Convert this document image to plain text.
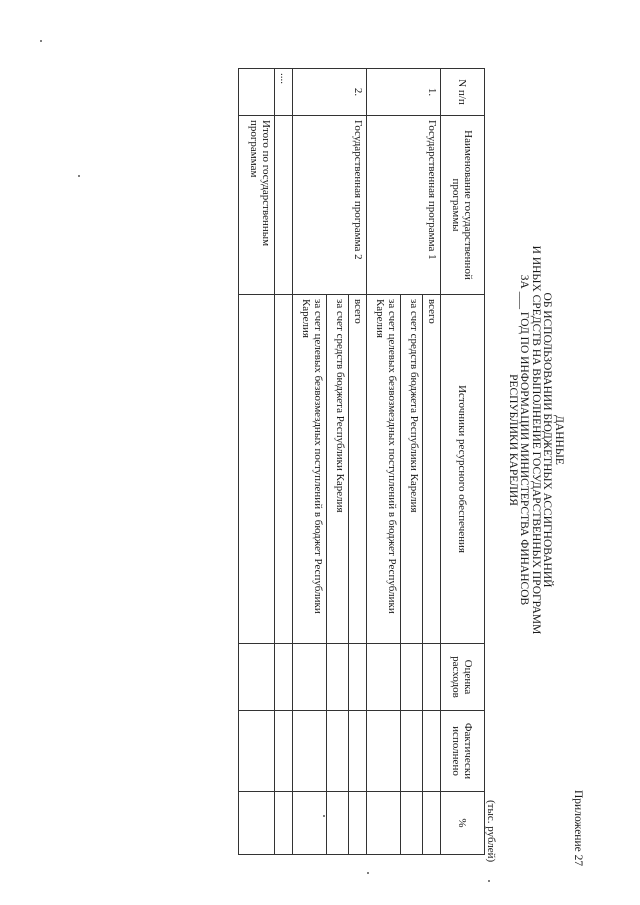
Приложение 27
ДАННЫЕ
ОБ ИСПОЛЬЗОВАНИИ БЮДЖЕТНЫХ АССИГНОВАНИЙ
И ИНЫХ СРЕДСТВ НА ВЫПОЛНЕНИЕ ГОСУДАРСТВЕННЫХ ПРОГРАММ
ЗА ___ ГОД ПО ИНФОРМАЦИИ МИНИСТЕРСТВА ФИНАНСОВ
РЕСПУБЛИКИ КАРЕЛИЯ
(тыс. рублей)
N п/п	Наименование государственной программы	Источники ресурсного обеспечения	Оценка расходов	Фактически исполнено	%
1.	Государственная программа 1	всего			
		за счет средств бюджета Республики Карелия			
		за счет целевых безвозмездных поступлений в бюджет Республики Карелия			
2.	Государственная программа 2	всего			
		за счет средств бюджета Республики Карелия			
		за счет целевых безвозмездных поступлений в бюджет Республики Карелия			
....					
	Итого по государственным программам				
